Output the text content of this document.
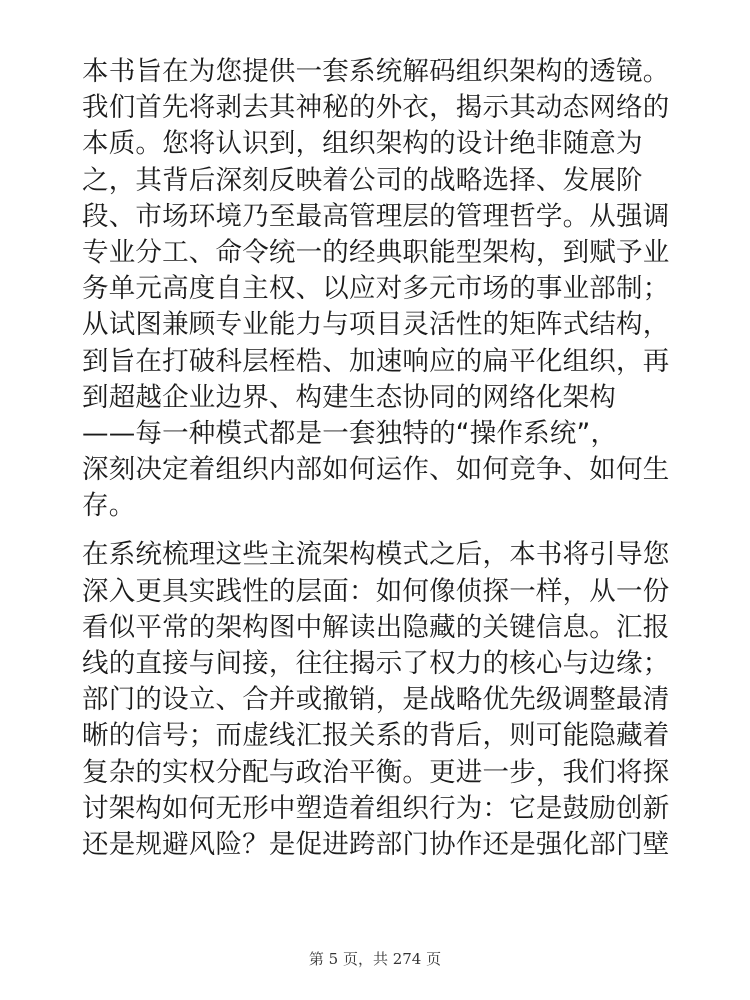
本书旨在为您提供一套系统解码组织架构的透镜。
我们首先将剥去其神秘的外衣，揭示其动态网络的
本质。您将认识到，组织架构的设计绝非随意为
之，其背后深刻反映着公司的战略选择、发展阶
段、市场环境乃至最高管理层的管理哲学。从强调
专业分工、命令统一的经典职能型架构，到赋予业
务单元高度自主权、以应对多元市场的事业部制；
从试图兼顾专业能力与项目灵活性的矩阵式结构，
到旨在打破科层桎梏、加速响应的扁平化组织，再
到超越企业边界、构建生态协同的网络化架构
——每一种模式都是一套独特的“操作系统”，
深刻决定着组织内部如何运作、如何竞争、如何生
存。
在系统梳理这些主流架构模式之后，本书将引导您
深入更具实践性的层面：如何像侦探一样，从一份
看似平常的架构图中解读出隐藏的关键信息。汇报
线的直接与间接，往往揭示了权力的核心与边缘；
部门的设立、合并或撤销，是战略优先级调整最清
晰的信号；而虚线汇报关系的背后，则可能隐藏着
复杂的实权分配与政治平衡。更进一步，我们将探
讨架构如何无形中塑造着组织行为：它是鼓励创新
还是规避风险？是促进跨部门协作还是强化部门壁
第 5 页，共 274 页
